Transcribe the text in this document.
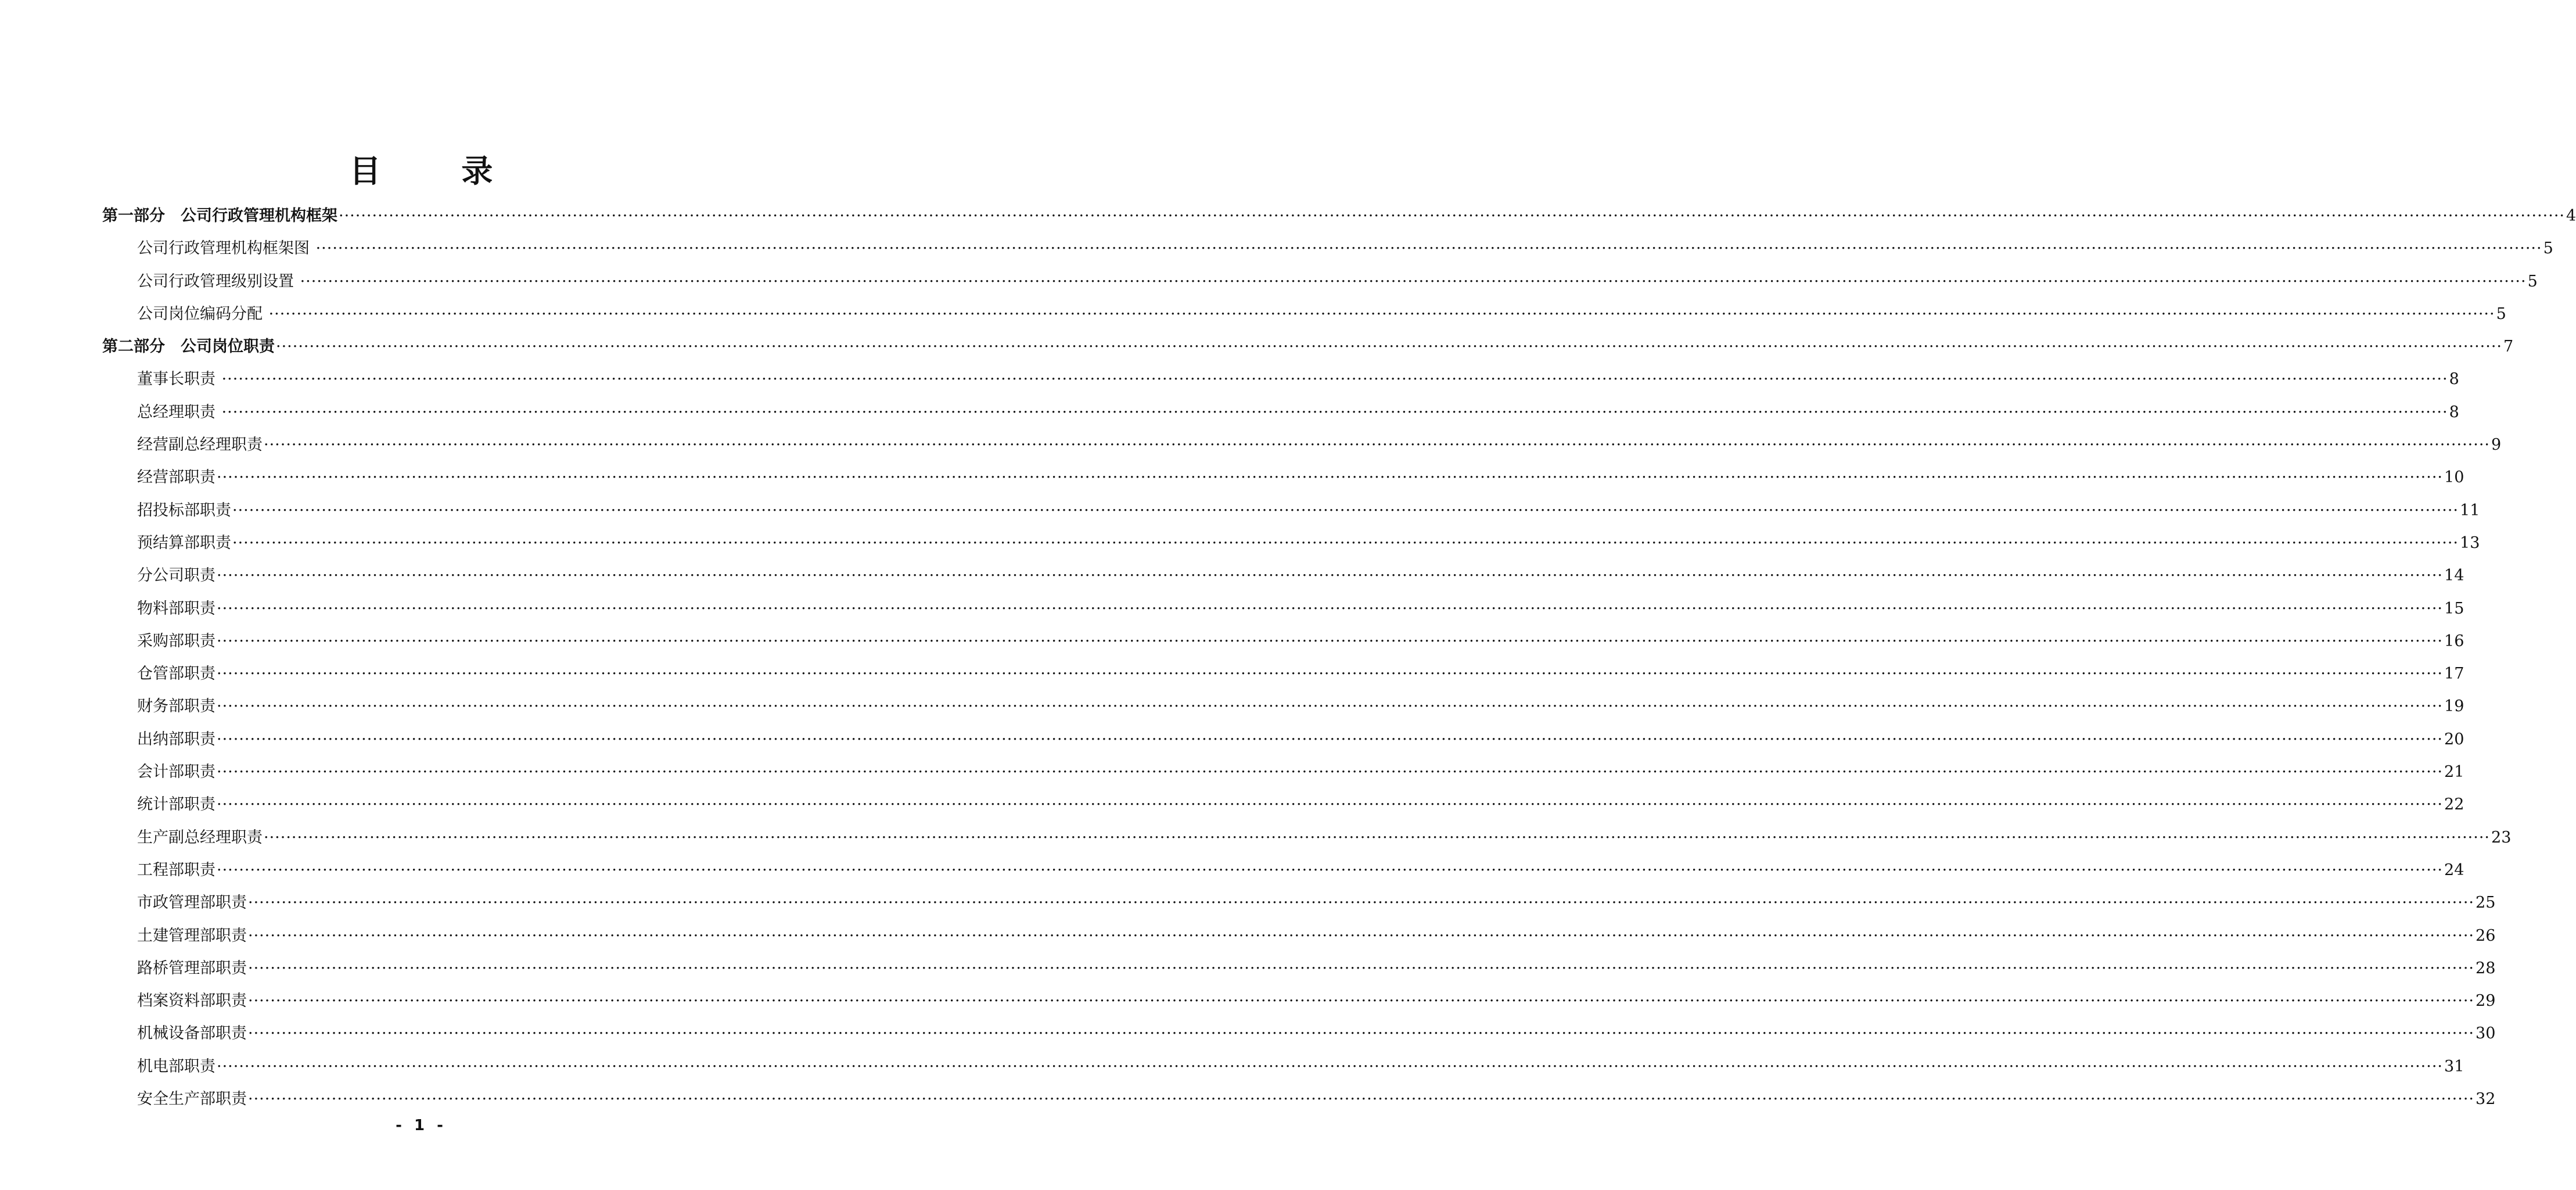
目 录
第一部分　公司行政管理机构框架 ················································································································································································································································································································································································································ 4
公司行政管理机构框架图 ················································································································································································································································································································································································································ 5
公司行政管理级别设置 ················································································································································································································································································································································································································ 5
公司岗位编码分配 ················································································································································································································································································································································································································ 5
第二部分　公司岗位职责 ················································································································································································································································································································································································································ 7
董事长职责 ················································································································································································································································································································································································································ 8
总经理职责 ················································································································································································································································································································································································································ 8
经营副总经理职责 ················································································································································································································································································································································································································ 9
经营部职责 ················································································································································································································································································································································································································ 10
招投标部职责 ················································································································································································································································································································································································································ 11
预结算部职责 ················································································································································································································································································································································································································ 13
分公司职责 ················································································································································································································································································································································································································ 14
物料部职责 ················································································································································································································································································································································································································ 15
采购部职责 ················································································································································································································································································································································································································ 16
仓管部职责 ················································································································································································································································································································································································································ 17
财务部职责 ················································································································································································································································································································································································································ 19
出纳部职责 ················································································································································································································································································································································································································ 20
会计部职责 ················································································································································································································································································································································································································ 21
统计部职责 ················································································································································································································································································································································································································ 22
生产副总经理职责 ················································································································································································································································································································································································································ 23
工程部职责 ················································································································································································································································································································································································································ 24
市政管理部职责 ················································································································································································································································································································································································································ 25
土建管理部职责 ················································································································································································································································································································································································································ 26
路桥管理部职责 ················································································································································································································································································································································································································ 28
档案资料部职责 ················································································································································································································································································································································································································ 29
机械设备部职责 ················································································································································································································································································································································································································ 30
机电部职责 ················································································································································································································································································································································································································ 31
安全生产部职责 ················································································································································································································································································································································································································ 32
- 1 -
